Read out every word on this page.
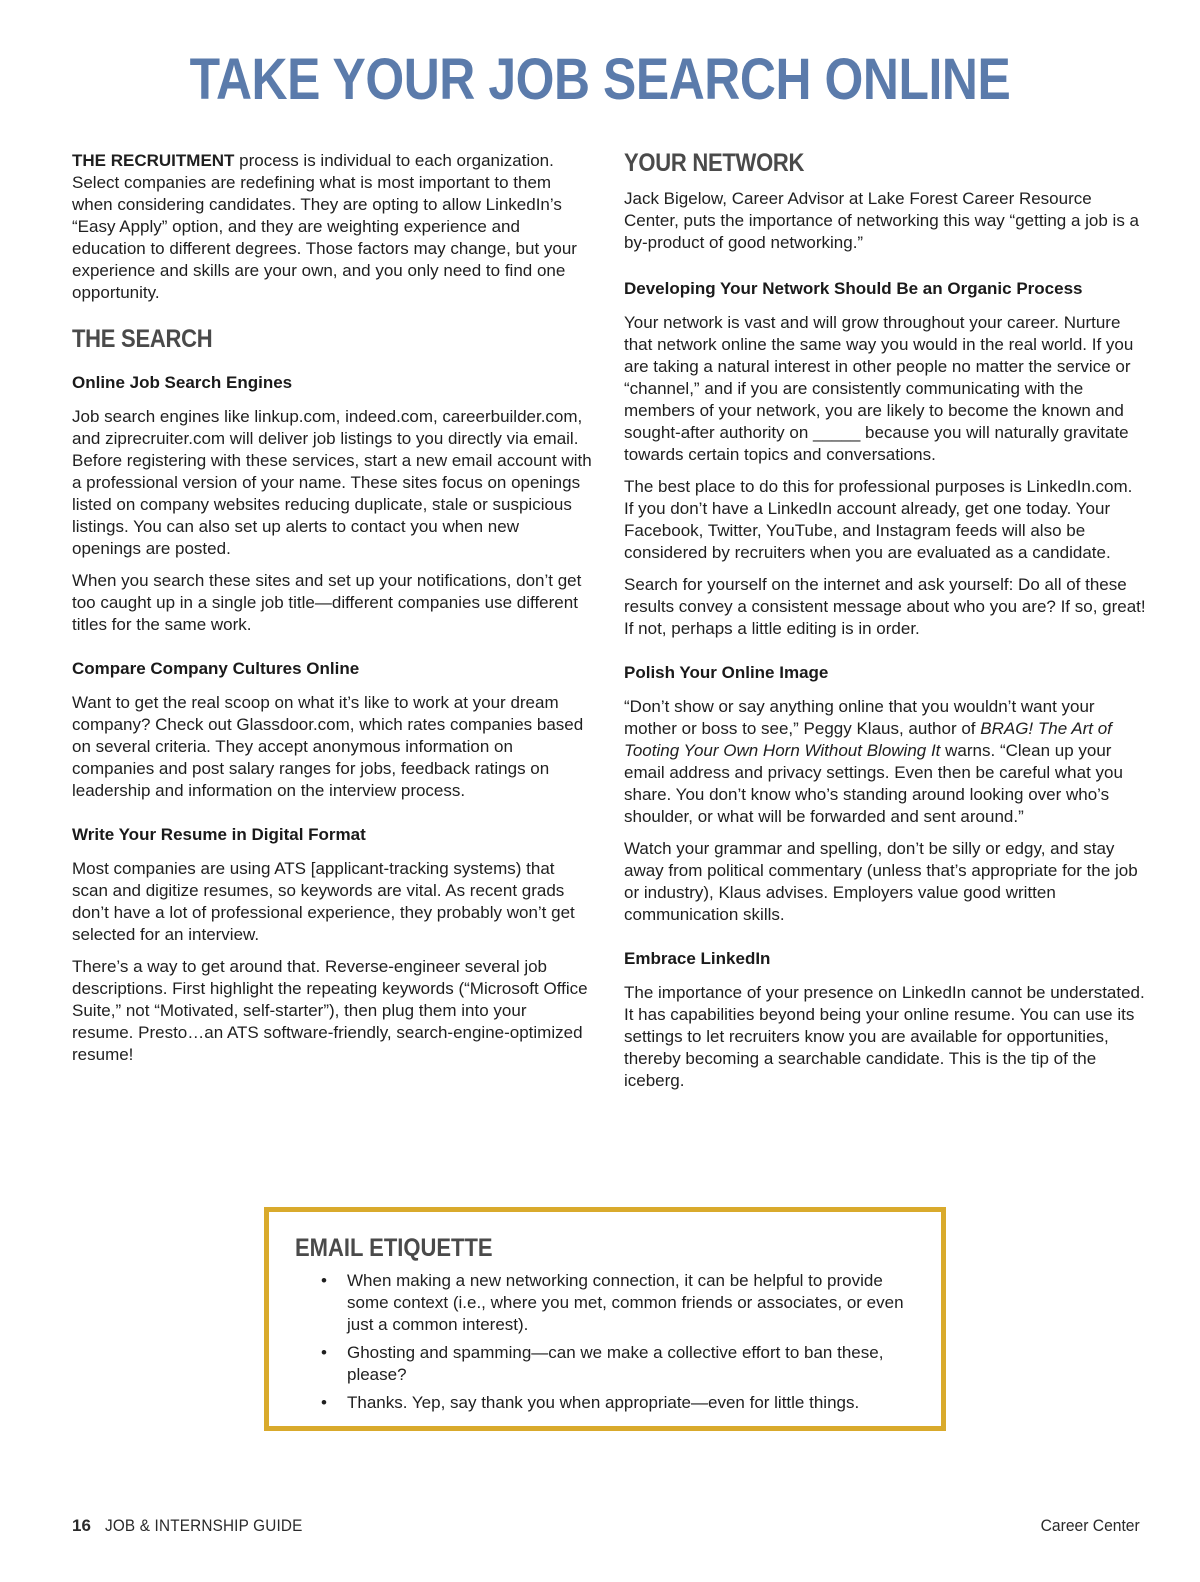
TAKE YOUR JOB SEARCH ONLINE

THE RECRUITMENT process is individual to each organization. Select companies are redefining what is most important to them when considering candidates. They are opting to allow LinkedIn’s “Easy Apply” option, and they are weighting experience and education to different degrees. Those factors may change, but your experience and skills are your own, and you only need to find one opportunity.

THE SEARCH
Online Job Search Engines

Job search engines like linkup.com, indeed.com, careerbuilder.com, and ziprecruiter.com will deliver job listings to you directly via email. Before registering with these services, start a new email account with a professional version of your name. These sites focus on openings listed on company websites reducing duplicate, stale or suspicious listings. You can also set up alerts to contact you when new openings are posted.

When you search these sites and set up your notifications, don’t get too caught up in a single job title—different companies use different titles for the same work.

Compare Company Cultures Online

Want to get the real scoop on what it’s like to work at your dream company? Check out Glassdoor.com, which rates companies based on several criteria. They accept anonymous information on companies and post salary ranges for jobs, feedback ratings on leadership and information on the interview process.

Write Your Resume in Digital Format

Most companies are using ATS [applicant-tracking systems) that scan and digitize resumes, so keywords are vital. As recent grads don’t have a lot of professional experience, they probably won’t get selected for an interview.

There’s a way to get around that. Reverse-engineer several job descriptions. First highlight the repeating keywords (“Microsoft Office Suite,” not “Motivated, self-starter”), then plug them into your resume. Presto…an ATS software-friendly, search-engine-optimized resume!

YOUR NETWORK

Jack Bigelow, Career Advisor at Lake Forest Career Resource Center, puts the importance of networking this way “getting a job is a by-product of good networking.”

Developing Your Network Should Be an Organic Process

Your network is vast and will grow throughout your career. Nurture that network online the same way you would in the real world. If you are taking a natural interest in other people no matter the service or “channel,” and if you are consistently communicating with the members of your network, you are likely to become the known and sought-after authority on _____ because you will naturally gravitate towards certain topics and conversations.

The best place to do this for professional purposes is LinkedIn.com. If you don’t have a LinkedIn account already, get one today. Your Facebook, Twitter, YouTube, and Instagram feeds will also be considered by recruiters when you are evaluated as a candidate.

Search for yourself on the internet and ask yourself: Do all of these results convey a consistent message about who you are? If so, great! If not, perhaps a little editing is in order.

Polish Your Online Image

“Don’t show or say anything online that you wouldn’t want your mother or boss to see,” Peggy Klaus, author of BRAG! The Art of Tooting Your Own Horn Without Blowing It warns. “Clean up your email address and privacy settings. Even then be careful what you share. You don’t know who’s standing around looking over who’s shoulder, or what will be forwarded and sent around.”

Watch your grammar and spelling, don’t be silly or edgy, and stay away from political commentary (unless that’s appropriate for the job or industry), Klaus advises. Employers value good written communication skills.

Embrace LinkedIn

The importance of your presence on LinkedIn cannot be understated. It has capabilities beyond being your online resume. You can use its settings to let recruiters know you are available for opportunities, thereby becoming a searchable candidate. This is the tip of the iceberg.

EMAIL ETIQUETTE
• When making a new networking connection, it can be helpful to provide some context (i.e., where you met, common friends or associates, or even just a common interest).
• Ghosting and spamming—can we make a collective effort to ban these, please?
• Thanks. Yep, say thank you when appropriate—even for little things.
16 JOB & INTERNSHIP GUIDE	Career Center
